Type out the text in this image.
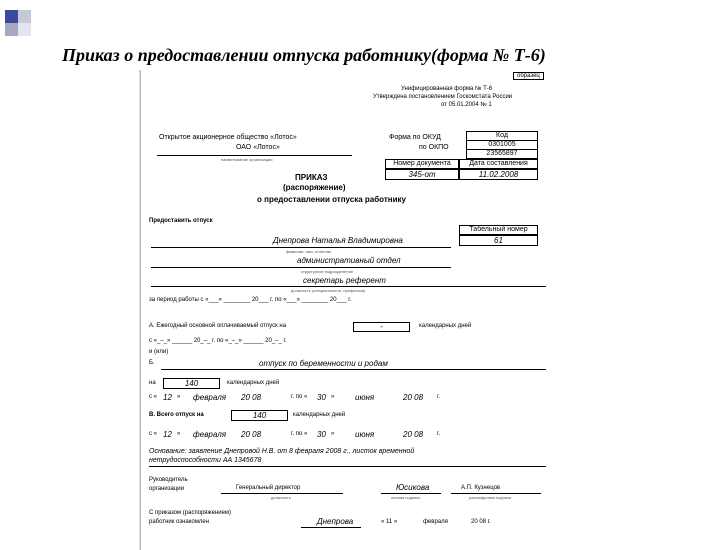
Приказ о предоставлении отпуска работнику(форма № Т-6)
образец
Унифицированная форма № Т-6
Утверждена постановлением Госкомстата России
от 05.01.2004 № 1
Код
Форма по ОКУД
0301005
по ОКПО
23565897
Открытое акционерное общество «Лотос»
ОАО «Лотос»
наименование организации
Номер документа	Дата составления
345-от	11.02.2008
ПРИКАЗ
(распоряжение)
о предоставлении отпуска работнику
Предоставить отпуск
Табельный номер
61
Днепрова Наталья Владимировна
фамилия, имя, отчество
административный отдел
структурное подразделение
секретарь референт
должность (специальность, профессия)
за период работы с «___» ________ 20___ г. по «___» ________ 20___ г.
А. Ежегодный основной оплачиваемый отпуск на	-	календарных дней
с «_–_» ______ 20_–_ г. по «_–_» ______ 20_–_ г.
и (или)
Б.	отпуск по беременности и родам
на	140	календарных дней
с « 12 » февраля 20 08	г. по « 30 »	июня	20 08 г.
В. Всего отпуск на	140	календарных дней
с « 12 » февраля 20 08	г. по « 30 »	июня	20 08 г.
Основание: заявление Днепровой Н.В. от 8 февраля 2008 г., листок временной
нетрудоспособности АА 1345678
Руководитель
организации	Генеральный директор	Юсикова	А.П. Кузнецов
должность	личная подпись	расшифровка подписи
С приказом (распоряжением)
работник ознакомлен	Днепрова	« 11 »	февраля	20 08 г.
